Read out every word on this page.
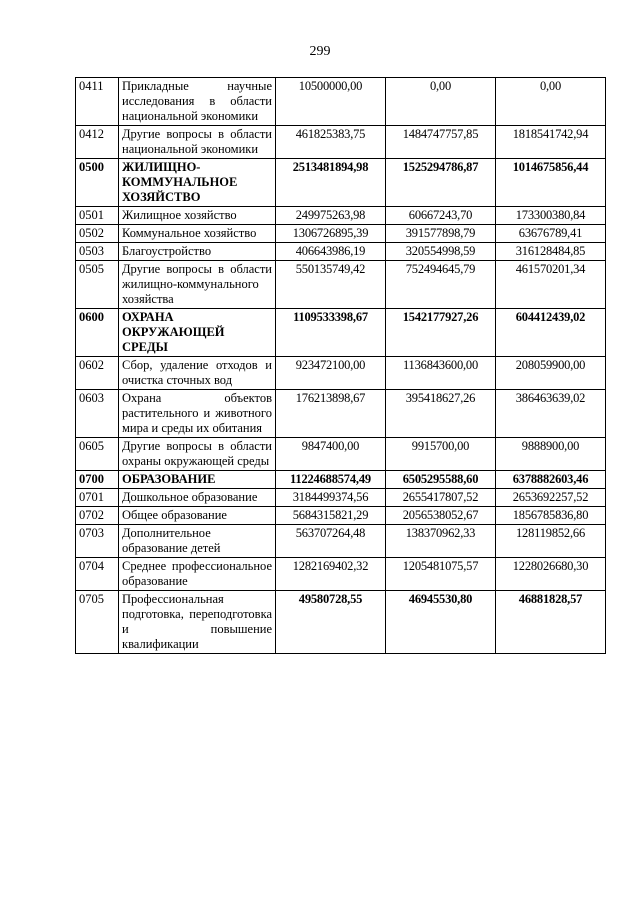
299
0411	Прикладные научные исследования в области национальной экономики	10500000,00	0,00	0,00
0412	Другие вопросы в области национальной экономики	461825383,75	1484747757,85	1818541742,94
0500	ЖИЛИЩНО-КОММУНАЛЬНОЕ ХОЗЯЙСТВО	2513481894,98	1525294786,87	1014675856,44
0501	Жилищное хозяйство	249975263,98	60667243,70	173300380,84
0502	Коммунальное хозяйство	1306726895,39	391577898,79	63676789,41
0503	Благоустройство	406643986,19	320554998,59	316128484,85
0505	Другие вопросы в области жилищно-коммунального хозяйства	550135749,42	752494645,79	461570201,34
0600	ОХРАНА ОКРУЖАЮЩЕЙ СРЕДЫ	1109533398,67	1542177927,26	604412439,02
0602	Сбор, удаление отходов и очистка сточных вод	923472100,00	1136843600,00	208059900,00
0603	Охрана объектов растительного и животного мира и среды их обитания	176213898,67	395418627,26	386463639,02
0605	Другие вопросы в области охраны окружающей среды	9847400,00	9915700,00	9888900,00
0700	ОБРАЗОВАНИЕ	11224688574,49	6505295588,60	6378882603,46
0701	Дошкольное образование	3184499374,56	2655417807,52	2653692257,52
0702	Общее образование	5684315821,29	2056538052,67	1856785836,80
0703	Дополнительное образование детей	563707264,48	138370962,33	128119852,66
0704	Среднее профессиональное образование	1282169402,32	1205481075,57	1228026680,30
0705	Профессиональная подготовка, переподготовка и повышение квалификации	49580728,55	46945530,80	46881828,57
